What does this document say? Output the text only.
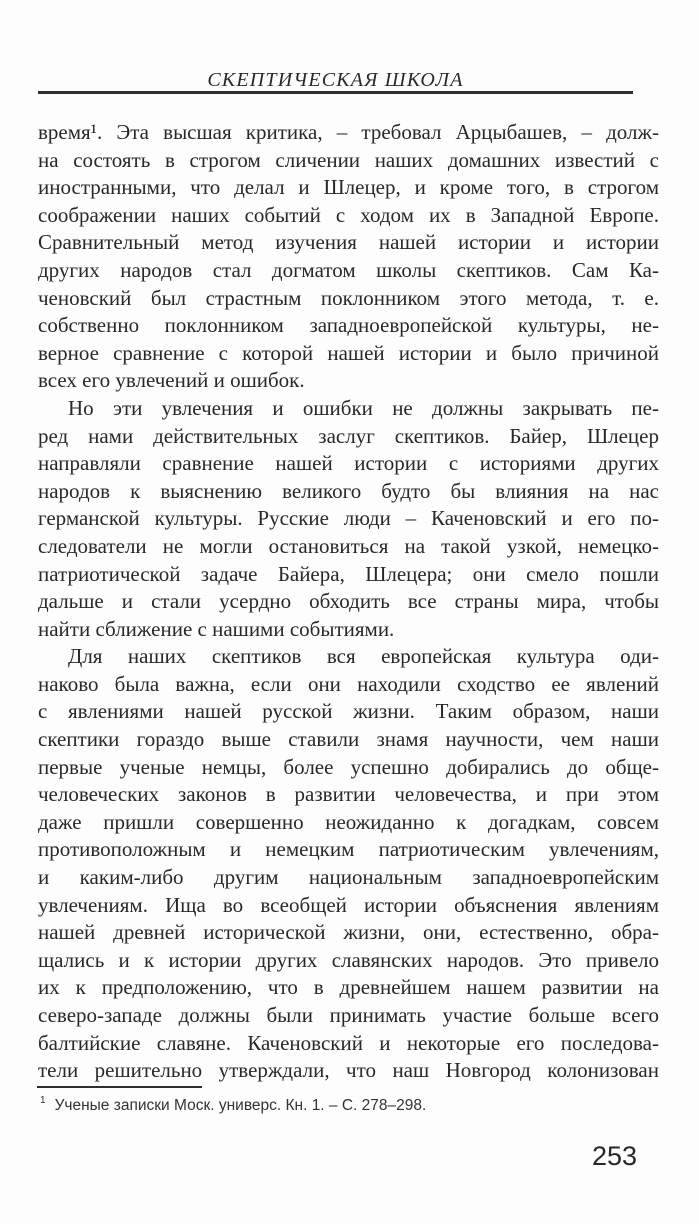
СКЕПТИЧЕСКАЯ ШКОЛА
время¹. Эта высшая критика, – требовал Арцыбашев, – долж-
на состоять в строгом сличении наших домашних известий с
иностранными, что делал и Шлецер, и кроме того, в строгом
соображении наших событий с ходом их в Западной Европе.
Сравнительный метод изучения нашей истории и истории
других народов стал догматом школы скептиков. Сам Ка-
ченовский был страстным поклонником этого метода, т. е.
собственно поклонником западноевропейской культуры, не-
верное сравнение с которой нашей истории и было причиной
всех его увлечений и ошибок.
Но эти увлечения и ошибки не должны закрывать пе-
ред нами действительных заслуг скептиков. Байер, Шлецер
направляли сравнение нашей истории с историями других
народов к выяснению великого будто бы влияния на нас
германской культуры. Русские люди – Каченовский и его по-
следователи не могли остановиться на такой узкой, немецко-
патриотической задаче Байера, Шлецера; они смело пошли
дальше и стали усердно обходить все страны мира, чтобы
найти сближение с нашими событиями.
Для наших скептиков вся европейская культура оди-
наково была важна, если они находили сходство ее явлений
с явлениями нашей русской жизни. Таким образом, наши
скептики гораздо выше ставили знамя научности, чем наши
первые ученые немцы, более успешно добирались до обще-
человеческих законов в развитии человечества, и при этом
даже пришли совершенно неожиданно к догадкам, совсем
противоположным и немецким патриотическим увлечениям,
и каким-либо другим национальным западноевропейским
увлечениям. Ища во всеобщей истории объяснения явлениям
нашей древней исторической жизни, они, естественно, обра-
щались и к истории других славянских народов. Это привело
их к предположению, что в древнейшем нашем развитии на
северо-западе должны были принимать участие больше всего
балтийские славяне. Каченовский и некоторые его последова-
тели решительно утверждали, что наш Новгород колонизован
$^1$ Ученые записки Моск. универс. Кн. 1. – С. 278–298.
253
